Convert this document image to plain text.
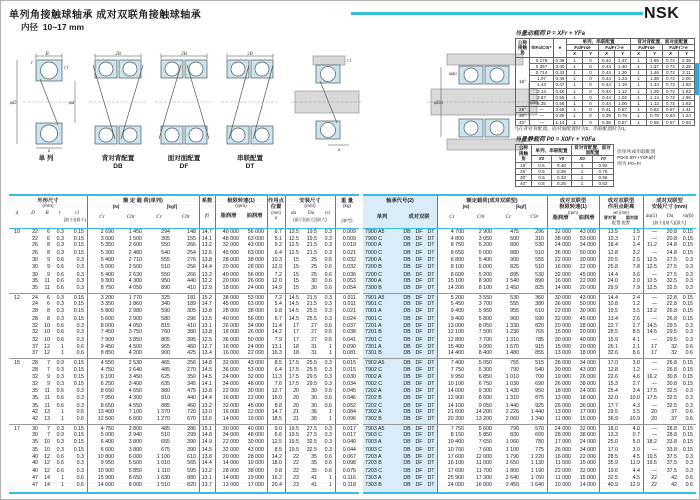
单列角接触球轴承 成对双联角接触球轴承
内径 10~17 mm
NSK
B
r
r1
φD	φd
a
2B	2B	2B
r1
a
φDa	φda
φda
单 列	背对背配置
DB
面对面配置
DF
串联配置
DT
当量动载荷 P = XFr + YFa
公称接触角	f0Fa/C0r*	e	单列、串联配置				背对背配置、面对面配置			
			Fa/Fr≤e		Fa/Fr＞e		Fa/Fr≤e		Fa/Fr＞e	
			X	Y	X	Y	X	Y	X	Y
15°	0.178	0.38	1	0	0.44	1.47	1	1.65	0.72	2.39
	0.357	0.40	1	0	0.44	1.40	1	1.57	0.72	2.28
	0.714	0.43	1	0	0.44	1.30	1	1.46	0.72	2.11
	1.07	0.46	1	0	0.44	1.23	1	1.38	0.72	2.00
	1.43	0.47	1	0	0.44	1.19	1	1.34	0.72	1.93
	2.14	0.50	1	0	0.44	1.12	1	1.26	0.72	1.82
	3.57	0.55	1	0	0.44	1.02	1	1.14	0.72	1.66
	5.35	0.56	1	0	0.44	1.00	1	1.12	0.72	1.63
25°	—	0.68	1	0	0.41	0.87	1	0.92	0.67	1.41
30°	—	0.80	1	0	0.39	0.76	1	0.78	0.63	1.24
40°	—	1.14	1	0	0.35	0.57	1	0.55	0.57	0.93
*)在背对背配置、面对面配置时为2、串联配置时为1。
当量静载荷 P0 = X0Fr + Y0Fa
公称接触角	单列、串联配置		背对背配置、面对面配置	
	X0	Y0	X0	Y0
15°	0.5	0.46	1	0.92
25°	0.5	0.38	1	0.76
30°	0.5	0.33	1	0.66
40°	0.5	0.26	1	0.52
但单列或串联配置
P0<0.5Fr+Y0Fa时
则为 P0=Fr
外形尺寸
(mm)
d	D	B	r	r1
(最小)(最小)
额 定 载 荷(单列)
(N)	[kgf]
Cr	C0r	Cr	C0r
系数
f0
极限转速(1)
(rpm)
脂润滑	油润滑
作用点
位置
(mm)
a
安装尺寸
(mm)
da	Da	ra
(最小)(最大)(最大)
重 量
(kg)
(参考)
10	22	6	0.3	0.15	2 690	1 450	294	148	14.7	40 000	56 000	6.7	12.5	19.5	0.3	0.009
22	6	0.3	0.15	3 000	1 500	305	155	14.1	48 000	63 000	5.1	12.5	19.5	0.3	0.009
26	8	0.3	0.15	5 350	2 600	550	266	13.2	32 000	43 000	9.2	12.5	21.5	0.3	0.019
26	8	0.3	0.15	5 300	2 480	540	254	12.6	45 000	63 000	6.4	12.5	21.5	0.3	0.021
30	9	0.6	0.3	5 400	2 710	555	276	13.8	28 000	38 000	10.3	15	25	0.6	0.032
30	9	0.6	0.3	5 000	2 500	510	256	14.4	20 000	28 000	12.9	15	25	0.6	0.032
30	9	0.6	0.3	5 400	2 630	550	266	13.2	40 000	56 000	7.2	15	25	0.6	0.036
35	11	0.6	0.3	9 300	4 300	950	440	12.2	20 000	26 000	12.0	15	30	0.6	0.053
35	11	0.6	0.3	8 750	4 050	890	410	12.9	18 000	24 000	14.9	15	30	0.6	0.054
12	24	6	0.3	0.15	3 200	1 770	325	181	15.2	38 000	53 000	7.2	14.5	21.5	0.3	0.011
24	6	0.3	0.15	3 350	1 860	340	189	14.7	45 000	63 000	5.4	14.5	21.5	0.3	0.011
28	8	0.3	0.15	5 800	2 980	590	305	13.8	28 000	38 000	9.8	14.5	25.5	0.3	0.021
28	8	0.3	0.15	5 600	2 900	580	296	13.5	40 000	56 000	6.7	14.5	25.5	0.3	0.024
32	10	0.6	0.3	8 000	4 050	815	410	13.1	26 000	34 000	11.4	17	27	0.6	0.037
32	10	0.6	0.3	7 450	3 750	760	380	13.8	18 000	26 000	14.2	17	27	0.6	0.038
32	10	0.6	0.3	7 900	3 850	805	395	12.5	36 000	50 000	7.9	17	27	0.6	0.041
37	12	1	0.6	9 450	4 500	965	460	12.7	16 000	24 000	13.1	18	31	1	0.090
37	12	1	0.6	8 850	4 200	900	425	13.4	16 000	22 000	16.3	18	31	1	0.081
15	28	7	0.3	0.15	4 550	2 530	465	256	14.8	32 000	43 000	8.5	17.5	25.5	0.3	0.015
28	7	0.3	0.15	4 750	2 640	485	270	14.5	36 000	53 000	6.4	17.5	25.5	0.3	0.015
32	9	0.3	0.15	6 100	3 450	625	350	14.5	24 000	32 000	11.3	17.5	29.5	0.3	0.030
32	9	0.3	0.15	6 250	3 400	635	345	14.1	34 000	48 000	7.6	17.5	29.5	0.3	0.034
35	11	0.6	0.3	8 650	4 650	880	475	13.8	22 000	30 000	12.7	20	30	0.6	0.045
35	11	0.6	0.3	7 950	4 300	810	440	14.4	16 000	22 000	16.0	20	30	0.6	0.046
35	11	0.6	0.3	8 650	4 550	885	460	13.2	32 000	45 000	8.8	20	30	0.6	0.052
42	13	1	0.6	13 400	7 100	1 370	720	13.0	16 000	22 000	14.7	21	36	1	0.084
42	13	1	0.6	12 500	6 600	1 270	670	13.6	14 000	19 000	18.5	21	36	1	0.096
17	30	7	0.3	0.15	4 750	2 800	485	286	15.1	30 000	40 000	9.0	19.5	27.5	0.3	0.017
30	7	0.3	0.15	5 000	2 940	510	299	14.8	34 000	48 000	6.6	19.5	27.5	0.3	0.017
35	10	0.3	0.15	6 400	3 800	655	390	14.9	22 000	30 000	12.5	19.5	32.5	0.3	0.040
35	10	0.3	0.15	6 600	3 800	675	390	14.5	32 000	43 000	8.5	19.5	32.5	0.3	0.044
40	12	0.6	0.3	10 800	6 000	1 100	610	13.8	20 000	28 000	14.2	22	35	0.6	0.067
40	12	0.6	0.3	9 950	5 500	1 010	565	14.4	14 000	19 000	18.0	22	35	0.6	0.098
40	12	0.6	0.3	10 900	5 850	1 110	595	13.2	28 000	38 000	9.8	22	35	0.6	0.075
47	14	1	0.6	15 900	8 650	1 630	880	13.1	14 000	19 000	16.2	23	41	1	0.116
47	14	1	0.6	14 600	8 000	1 510	820	13.7	13 000	17 000	20.4	23	41	1	0.118
轴承代号(2)
单列	成对双联
额定载荷(成对双联型)
(N)	[kgf]
Cr	C0r	Cr	C0r
成对双联型
极限转速(1)
(rpm)
脂润滑	油润滑
成对双联型
作用点距离
a0 (mm)
背对背	面对面
配置 配置
成对双联型
安装尺寸 (mm)
da(5)	Da	ra(6)
(最小)(最大)(最大)
7900 A5	DB DF DT	4 700	2 900	475	296	32 000	43 000	13.5	1.5	—	20.8	0.15
7900 C	DB DF DT	4 800	3 050	500	310	38 000	53 000	10.3	1.7	—	20.8	0.15
7000 A	DB DF DT	8 750	5 200	890	530	24 000	34 000	18.4	2.4	11.2	24.8	0.15
7000 C	DB DF DT	8 650	5 000	880	510	36 000	50 000	12.8	3.2	—	24.8	0.15
7200 A	DB DF DT	8 800	5 400	900	555	22 000	30 000	20.5	2.5	12.5	27.5	0.3
7200 B	DB DF DT	8 100	5 000	825	510	16 000	22 000	25.8	7.8	12.5	27.5	0.3
7200 C	DB DF DT	8 600	5 200	895	530	32 000	45 000	14.4	3.6	—	27.5	0.3
7300 A	DB DF DT	15 100	8 900	1 540	890	16 000	22 000	24.0	2.0	12.5	32.5	0.3
7300 B	DB DF DT	14 200	8 100	1 450	825	14 000	20 000	29.9	7.9	12.5	32.5	0.3
7901 A5	DB DF DT	5 200	3 550	530	360	30 000	43 000	14.4	2.4	—	22.8	0.15
7901 C	DB DF DT	5 450	3 700	555	380	36 000	50 000	10.8	1.2	—	22.8	0.15
7001 A	DB DF DT	9 400	5 950	955	610	22 000	30 000	19.5	3.5	13.2	26.8	0.15
7001 C	DB DF DT	9 400	5 800	960	590	32 000	45 000	13.4	2.6	—	26.8	0.15
7201 A	DB DF DT	13 000	8 050	1 330	820	20 000	28 000	22.7	2.7	14.5	29.5	0.3
7201 B	DB DF DT	12 100	7 500	1 230	765	15 000	20 000	28.5	8.5	14.5	29.5	0.3
7201 C	DB DF DT	12 800	7 700	1 310	785	30 000	40 000	15.9	4.1	—	29.5	0.3
7301 A	DB DF DT	15 400	9 000	1 570	915	15 000	20 000	26.1	2.1	17	32	0.6
7301 B	DB DF DT	14 400	8 400	1 480	855	13 000	18 000	32.6	8.6	17	32	0.6
7902 A5	DB DF DT	7 400	5 050	755	515	26 000	34 000	17.0	3.0	—	26.8	0.15
7902 C	DB DF DT	7 750	5 300	790	540	30 000	43 000	12.8	1.2	—	26.8	0.15
7002 A	DB DF DT	9 950	6 850	1 010	700	19 000	26 000	22.6	4.6	16.2	30.8	0.15
7002 C	DB DF DT	10 100	6 750	1 030	690	26 000	38 000	15.3	2.7	—	30.8	0.15
7202 A	DB DF DT	14 000	9 300	1 430	950	18 000	24 000	25.4	3.4	17.5	32.5	0.3
7202 B	DB DF DT	12 900	8 600	1 310	875	13 000	18 000	32.0	10.0	17.5	32.5	0.3
7202 C	DB DF DT	14 100	9 050	1 440	925	26 000	36 000	17.7	4.3	—	32.5	0.3
7302 A	DB DF DT	21 600	14 200	2 220	1 440	13 000	17 000	29.5	3.5	20	37	0.6
7302 B	DB DF DT	20 200	13 200	2 060	1 340	11 000	15 000	36.9	10.9	20	37	0.6
7903 A5	DB DF DT	7 750	5 600	790	570	24 000	32 000	18.0	4.0	—	28.8	0.15
7903 C	DB DF DT	8 150	5 850	830	600	28 000	38 000	13.3	0.7	—	28.8	0.15
7003 A	DB DF DT	10 400	7 650	1 060	780	17 000	24 000	25.0	5.0	18.2	33.8	0.15
7003 C	DB DF DT	10 700	7 600	1 100	775	26 000	34 000	17.0	3.0	—	33.8	0.15
7203 A	DB DF DT	17 600	12 000	1 790	1 220	16 000	22 000	28.5	4.5	19.5	37.5	0.3
7203 B	DB DF DT	16 100	11 000	1 650	1 130	11 000	15 000	35.9	11.9	19.5	37.5	0.3
7203 C	DB DF DT	17 600	11 700	1 800	1 190	22 000	32 000	19.6	4.4	—	37.5	0.3
7303 A	DB DF DT	25 900	17 300	2 640	1 760	11 000	15 000	32.5	4.5	22	42	0.6
7303 B	DB DF DT	24 000	16 000	2 450	1 640	10 000	14 000	40.9	12.9	22	42	0.6
